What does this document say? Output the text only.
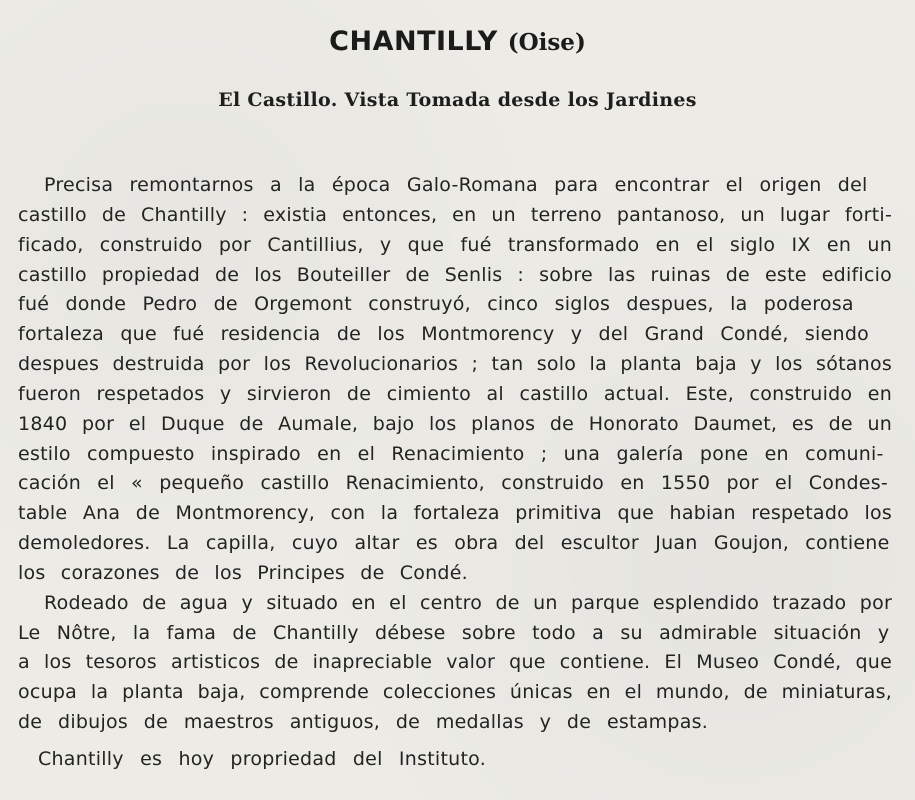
CHANTILLY (Oise)
El Castillo. Vista Tomada desde los Jardines
Precisa remontarnos a la época Galo-Romana para encontrar el origen del
castillo de Chantilly : existia entonces, en un terreno pantanoso, un lugar forti-
ficado, construido por Cantillius, y que fué transformado en el siglo IX en un
castillo propiedad de los Bouteiller de Senlis : sobre las ruinas de este edificio
fué donde Pedro de Orgemont construyó, cinco siglos despues, la poderosa
fortaleza que fué residencia de los Montmorency y del Grand Condé, siendo
despues destruida por los Revolucionarios ; tan solo la planta baja y los sótanos
fueron respetados y sirvieron de cimiento al castillo actual. Este, construido en
1840 por el Duque de Aumale, bajo los planos de Honorato Daumet, es de un
estilo compuesto inspirado en el Renacimiento ; una galería pone en comuni-
cación el « pequeño castillo Renacimiento, construido en 1550 por el Condes-
table Ana de Montmorency, con la fortaleza primitiva que habian respetado los
demoledores. La capilla, cuyo altar es obra del escultor Juan Goujon, contiene
los corazones de los Principes de Condé.
Rodeado de agua y situado en el centro de un parque esplendido trazado por
Le Nôtre, la fama de Chantilly débese sobre todo a su admirable situación y
a los tesoros artisticos de inapreciable valor que contiene. El Museo Condé, que
ocupa la planta baja, comprende colecciones únicas en el mundo, de miniaturas,
de dibujos de maestros antiguos, de medallas y de estampas.
Chantilly es hoy propriedad del Instituto.
